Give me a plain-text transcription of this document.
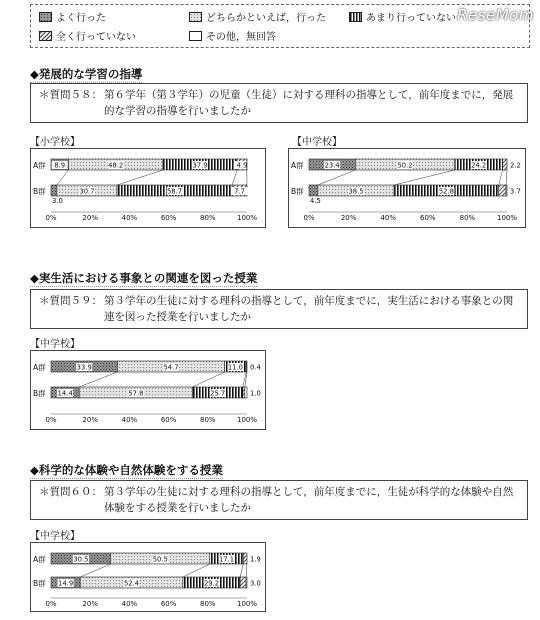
よく行った	どちらかといえば，行った	あまり行っていない
全く行っていない	その他，無回答
ReseMom
◆発展的な学習の指導
＊質問５８： 第６学年（第３学年）の児童（生徒）に対する理科の指導として，前年度までに，発展的な学習の指導を行いましたか
【小学校】
A群 8.9	48.2	37.9	4.9
B群
3.0
30.7	58.7	7.7
0%	20%	40%	60%	80%	100%
【中学校】
A群	23.4	50.2	24.2	2.2
B群
4.5
38.5	52.8	3.7
0%	20%	40%	60%	80%	100%
◆実生活における事象との関連を図った授業
＊質問５９： 第３学年の生徒に対する理科の指導として，前年度までに，実生活における事象との関連を図った授業を行いましたか
【中学校】
A群	33.9	54.7	11.0 0.4
B群 14.4	57.8	25.7	1.0
0%	20%	40%	60%	80%	100%
◆科学的な体験や自然体験をする授業
＊質問６０： 第３学年の生徒に対する理科の指導として，前年度までに，生徒が科学的な体験や自然体験をする授業を行いましたか
【中学校】
A群	30.5	50.5	17.1 1.9
B群 14.9	52.4	29.2	3.0
0%	20%	40%	60%	80%	100%
